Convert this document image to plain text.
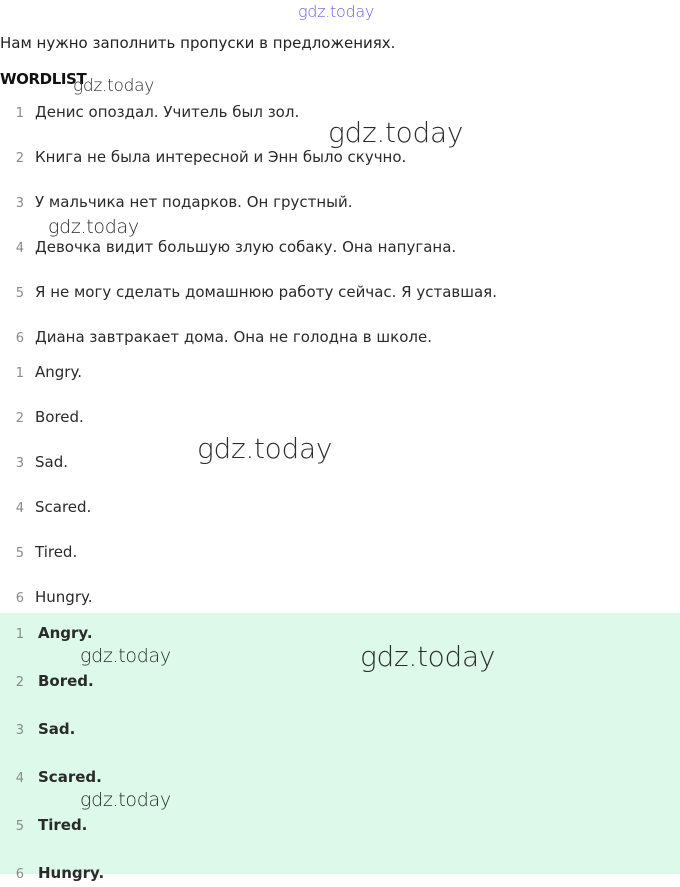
gdz.today
Нам нужно заполнить пропуски в предложениях.
WORDLIST
gdz.today
1 Денис опоздал. Учитель был зол.
2 Книга не была интересной и Энн было скучно.
3 У мальчика нет подарков. Он грустный.
4 Девочка видит большую злую собаку. Она напугана.
5 Я не могу сделать домашнюю работу сейчас. Я уставшая.
6 Диана завтракает дома. Она не голодна в школе.
1 Angry.
2 Bored.
3 Sad.
4 Scared.
5 Tired.
6 Hungry.
1 Angry.
2 Bored.
3 Sad.
4 Scared.
5 Tired.
6 Hungry.
gdz.today
gdz.today
gdz.today
gdz.today	gdz.today
gdz.today
